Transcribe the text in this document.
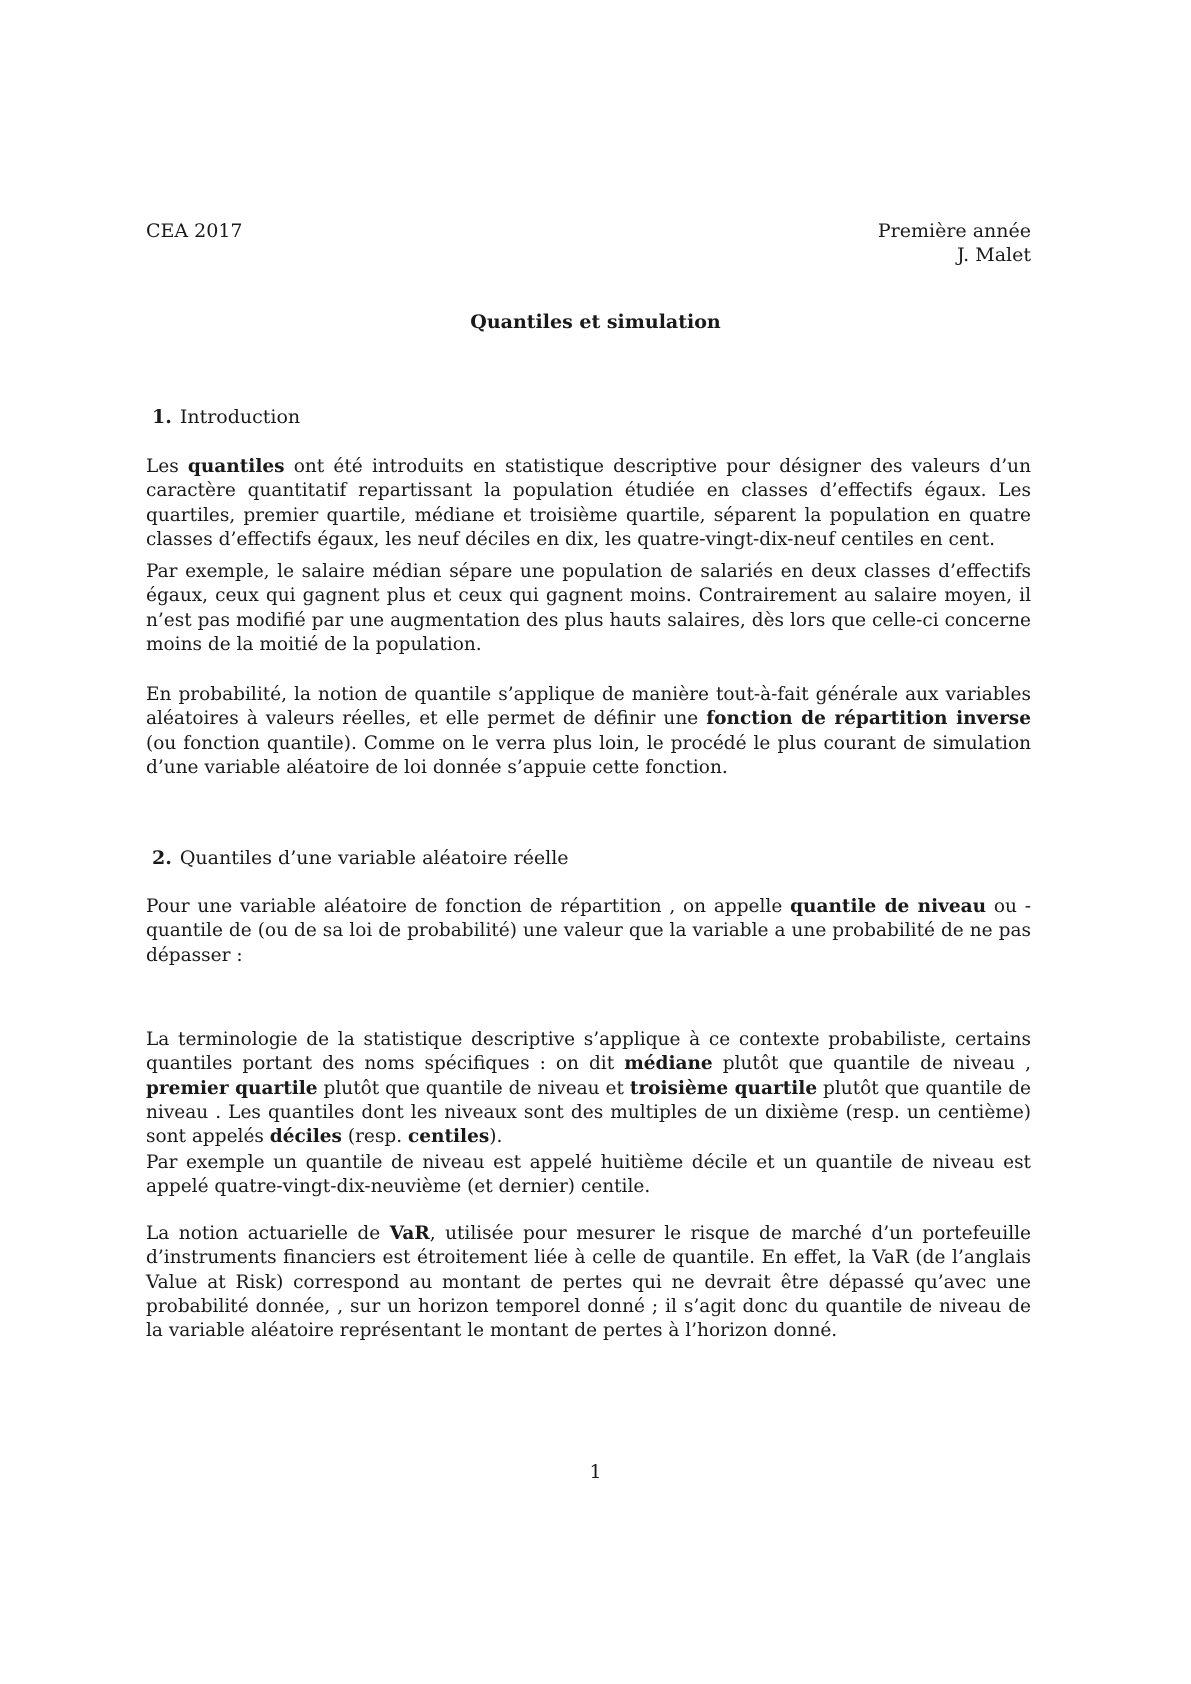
CEA 2017	Première année
J. Malet
Quantiles et simulation
1. Introduction
Les quantiles ont été introduits en statistique descriptive pour désigner des valeurs d’un caractère quantitatif repartissant la population étudiée en classes d’effectifs égaux. Les quartiles, premier quartile, médiane et troisième quartile, séparent la population en quatre classes d’effectifs égaux, les neuf déciles en dix, les quatre-vingt-dix-neuf centiles en cent.
Par exemple, le salaire médian sépare une population de salariés en deux classes d’effectifs égaux, ceux qui gagnent plus et ceux qui gagnent moins. Contrairement au salaire moyen, il n’est pas modifié par une augmentation des plus hauts salaires, dès lors que celle-ci concerne moins de la moitié de la population.
En probabilité, la notion de quantile s’applique de manière tout-à-fait générale aux variables aléatoires à valeurs réelles, et elle permet de définir une fonction de répartition inverse (ou fonction quantile). Comme on le verra plus loin, le procédé le plus courant de simulation d’une variable aléatoire de loi donnée s’appuie cette fonction.
2. Quantiles d’une variable aléatoire réelle
Pour une variable aléatoire de fonction de répartition , on appelle quantile de niveau ou -quantile de (ou de sa loi de probabilité) une valeur que la variable a une probabilité de ne pas dépasser :
La terminologie de la statistique descriptive s’applique à ce contexte probabiliste, certains quantiles portant des noms spécifiques : on dit médiane plutôt que quantile de niveau , premier quartile plutôt que quantile de niveau et troisième quartile plutôt que quantile de niveau . Les quantiles dont les niveaux sont des multiples de un dixième (resp. un centième) sont appelés déciles (resp. centiles).
Par exemple un quantile de niveau est appelé huitième décile et un quantile de niveau est appelé quatre-vingt-dix-neuvième (et dernier) centile.
La notion actuarielle de VaR, utilisée pour mesurer le risque de marché d’un portefeuille d’instruments financiers est étroitement liée à celle de quantile. En effet, la VaR (de l’anglais Value at Risk) correspond au montant de pertes qui ne devrait être dépassé qu’avec une probabilité donnée, , sur un horizon temporel donné ; il s’agit donc du quantile de niveau de la variable aléatoire représentant le montant de pertes à l’horizon donné.
1
